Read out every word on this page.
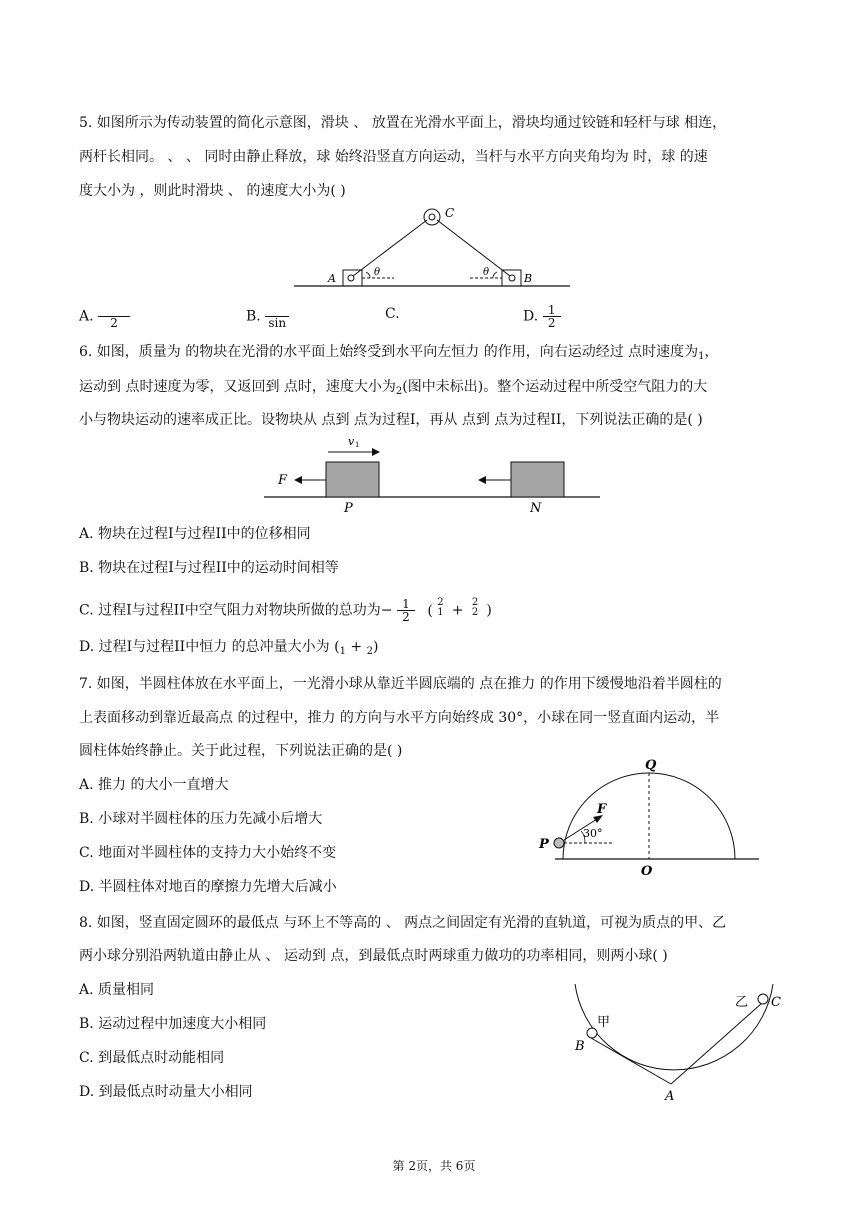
5. 如图所示为传动装置的简化示意图，滑块 、 放置在光滑水平面上，滑块均通过铰链和轻杆与球 相连，
两杆长相同。 、 、 同时由静止释放，球 始终沿竖直方向运动，当杆与水平方向夹角均为 时，球 的速
度大小为 ，则此时滑块 、 的速度大小为( )
C
A	B
θ	θ
A.	2	B. sin
C.	D. $\frac{1}{2}$
6. 如图，质量为 的物块在光滑的水平面上始终受到水平向左恒力 的作用，向右运动经过 点时速度为$_1$，
运动到 点时速度为零，又返回到 点时，速度大小为$_2$(图中未标出)。整个运动过程中所受空气阻力的大
小与物块运动的速率成正比。设物块从 点到 点为过程I，再从 点到 点为过程II，下列说法正确的是( )
F
v 1
P	N
A. 物块在过程I与过程II中的位移相同
B. 物块在过程I与过程II中的运动时间相等
C. 过程I与过程II中空气阻力对物块所做的总功为− $\frac{1}{2}$ (
2
1 +
2
2 )
D. 过程I与过程II中恒力 的总冲量大小为 $(_1 + _2)$
7. 如图，半圆柱体放在水平面上，一光滑小球从靠近半圆底端的 点在推力 的作用下缓慢地沿着半圆柱的
上表面移动到靠近最高点 的过程中，推力 的方向与水平方向始终成 30°，小球在同一竖直面内运动，半
圆柱体始终静止。关于此过程，下列说法正确的是( )
A. 推力 的大小一直增大
B. 小球对半圆柱体的压力先减小后增大
C. 地面对半圆柱体的支持力大小始终不变
D. 半圆柱体对地百的摩擦力先增大后减小
Q
F
30°
P
O
8. 如图，竖直固定圆环的最低点 与环上不等高的 、 两点之间固定有光滑的直轨道，可视为质点的甲、乙
两小球分别沿两轨道由静止从 、 运动到 点，到最低点时两球重力做功的功率相同，则两小球( )
A. 质量相同
B. 运动过程中加速度大小相同
C. 到最低点时动能相同
D. 到最低点时动量大小相同
甲
乙
B
C
A
第 2页，共 6页
